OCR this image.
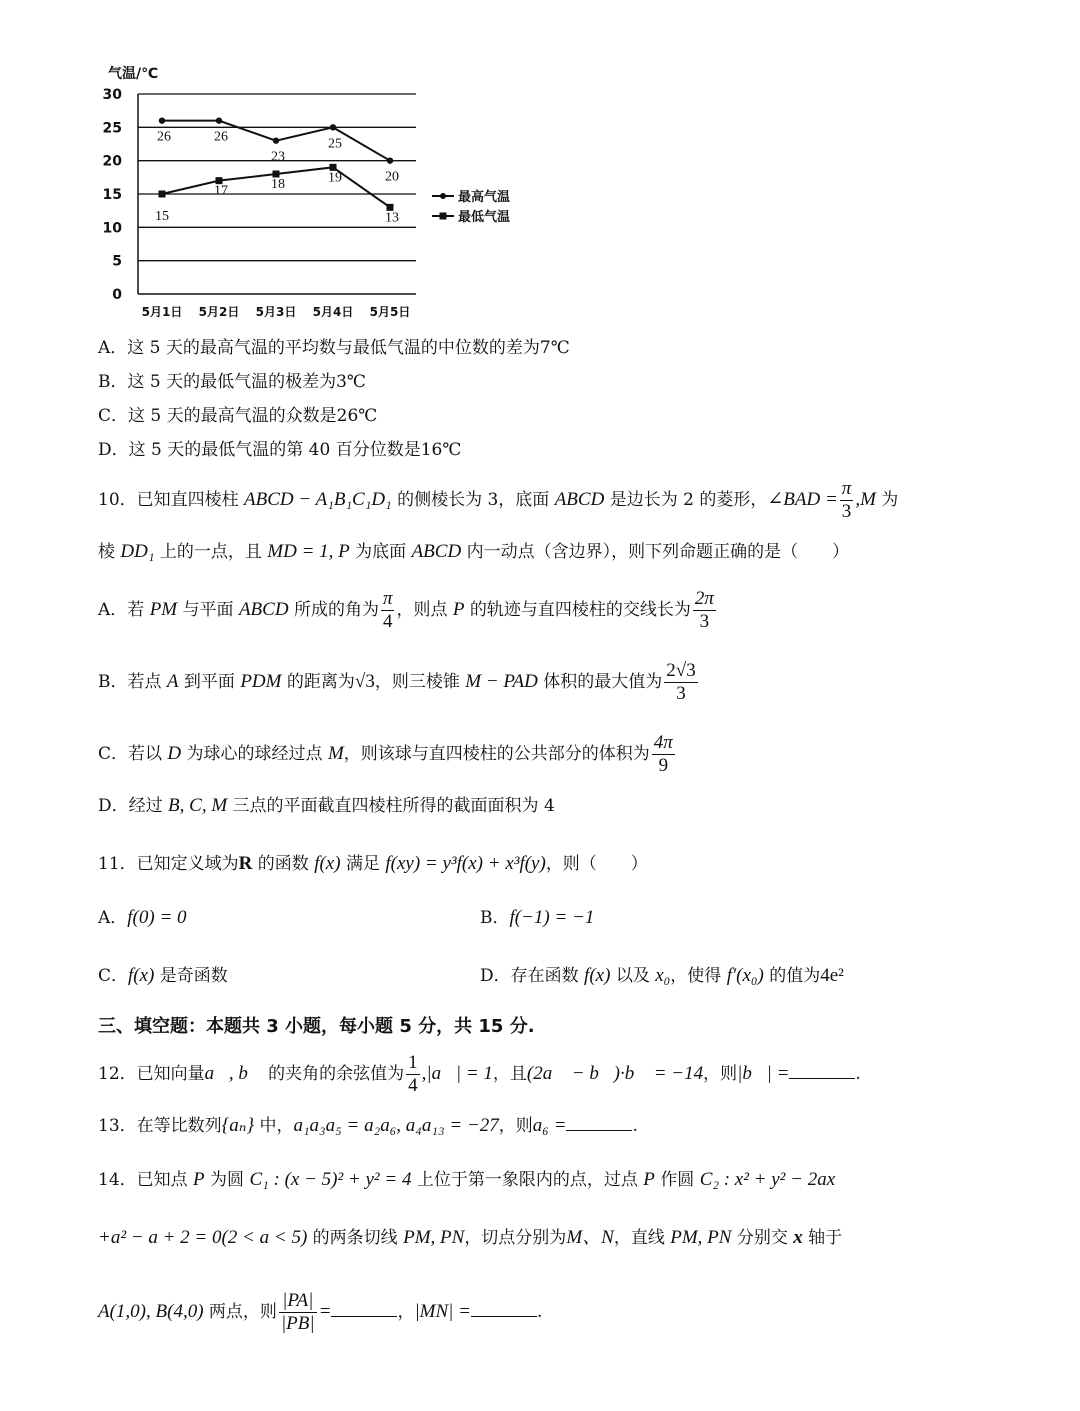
0
5
10
15
20
25
30
5月1日 5月2日 5月3日 5月4日 5月5日
26	26
23
25
20
15
17	18	19
13
最高气温
最低气温
气温/℃
A．这 5 天的最高气温的平均数与最低气温的中位数的差为7℃
B．这 5 天的最低气温的极差为3℃
C．这 5 天的最高气温的众数是26℃
D．这 5 天的最低气温的第 40 百分位数是16℃
10．已知直四棱柱 ABCD − A₁B₁C₁D₁ 的侧棱长为 3，底面 ABCD 是边长为 2 的菱形，∠BAD = $\frac{\pi}{3} ,M$ 为
棱 DD₁ 上的一点，且 MD = 1, P 为底面 ABCD 内一动点（含边界），则下列命题正确的是（　　）
A．若 PM 与平面 ABCD 所成的角为 $\frac{\pi}{4}$ ，则点 P 的轨迹与直四棱柱的交线长为 $\frac{2\pi}{3}$
B．若点 A 到平面 PDM 的距离为√3，则三棱锥 M − PAD 体积的最大值为 $\frac{2√3}{3}$
C．若以 D 为球心的球经过点 M，则该球与直四棱柱的公共部分的体积为 $\frac{4\pi}{9}$
D．经过 B, C, M 三点的平面截直四棱柱所得的截面面积为 4
11．已知定义域为R 的函数 f(x) 满足 f(xy) = y³f(x) + x³f(y)，则（　　）
A．f(0) = 0	B．f(−1) = −1
C．f(x) 是奇函数	D．存在函数 f(x) 以及 x₀，使得 f′(x₀) 的值为4e²
三、填空题：本题共 3 小题，每小题 5 分，共 15 分.
12．已知向量a⃗, b⃗ 的夹角的余弦值为 $\frac{1}{4}$ ,|a⃗| = 1，且(2a⃗ − b⃗)·b⃗ = −14，则|b⃗| =	.
13．在等比数列{aₙ} 中，a₁a₃a₅ = a₂a₆, a₄a₁₃ = −27，则a₆ =	.
14．已知点 P 为圆 C₁ : (x − 5)² + y² = 4 上位于第一象限内的点，过点 P 作圆 C₂ : x² + y² − 2ax
+a² − a + 2 = 0(2 < a < 5) 的两条切线 PM, PN，切点分别为M、N，直线 PM, PN 分别交 x 轴于
A(1,0), B(4,0) 两点，则 $\frac{|PA|}{|PB|}$ =	，|MN| =	.
